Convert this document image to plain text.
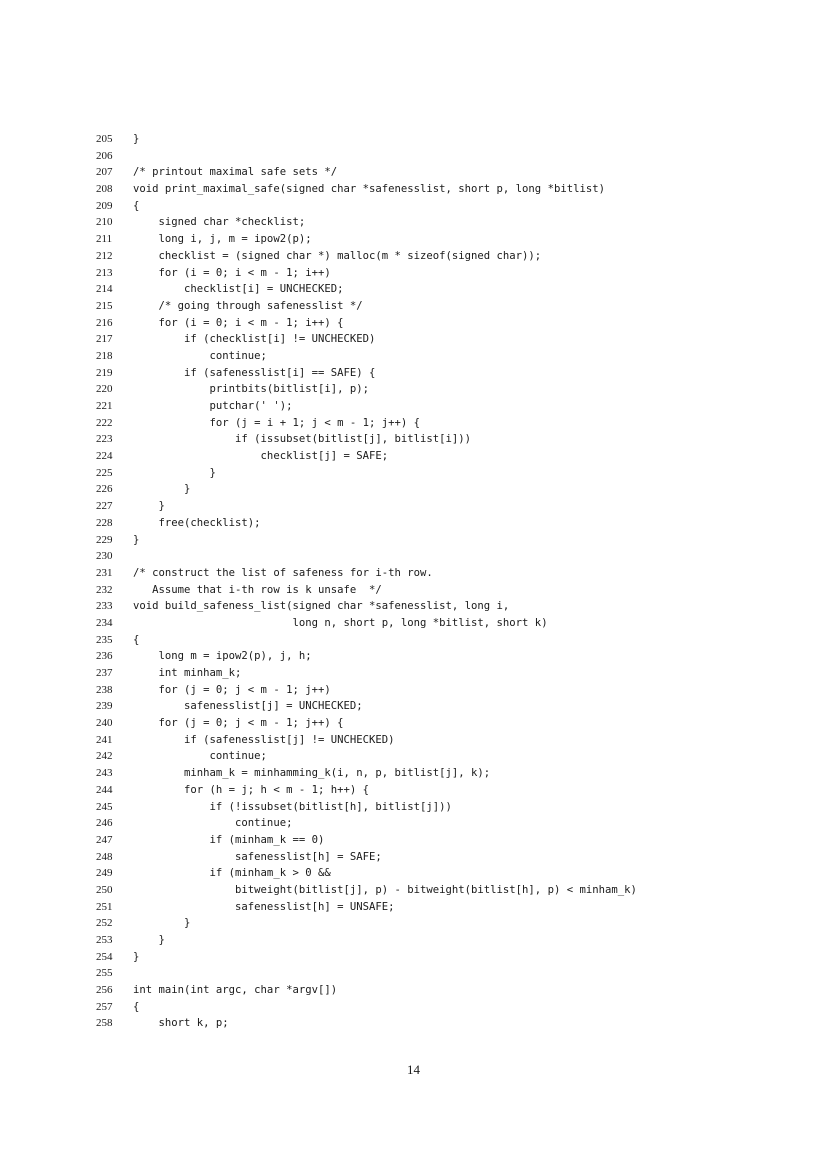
205	}
206
207	/* printout maximal safe sets */
208	void print_maximal_safe(signed char *safenesslist, short p, long *bitlist)
209	{
210	signed char *checklist;
211	long i, j, m = ipow2(p);
212	checklist = (signed char *) malloc(m * sizeof(signed char));
213	for (i = 0; i < m - 1; i++)
214	checklist[i] = UNCHECKED;
215	/* going through safenesslist */
216	for (i = 0; i < m - 1; i++) {
217	if (checklist[i] != UNCHECKED)
218	continue;
219	if (safenesslist[i] == SAFE) {
220	printbits(bitlist[i], p);
221	putchar(' ');
222	for (j = i + 1; j < m - 1; j++) {
223	if (issubset(bitlist[j], bitlist[i]))
224	checklist[j] = SAFE;
225	}
226	}
227	}
228	free(checklist);
229	}
230
231	/* construct the list of safeness for i-th row.
232	Assume that i-th row is k unsafe  */
233	void build_safeness_list(signed char *safenesslist, long i,
234	long n, short p, long *bitlist, short k)
235	{
236	long m = ipow2(p), j, h;
237	int minham_k;
238	for (j = 0; j < m - 1; j++)
239	safenesslist[j] = UNCHECKED;
240	for (j = 0; j < m - 1; j++) {
241	if (safenesslist[j] != UNCHECKED)
242	continue;
243	minham_k = minhamming_k(i, n, p, bitlist[j], k);
244	for (h = j; h < m - 1; h++) {
245	if (!issubset(bitlist[h], bitlist[j]))
246	continue;
247	if (minham_k == 0)
248	safenesslist[h] = SAFE;
249	if (minham_k > 0 &&
250	bitweight(bitlist[j], p) - bitweight(bitlist[h], p) < minham_k)
251	safenesslist[h] = UNSAFE;
252	}
253	}
254	}
255
256	int main(int argc, char *argv[])
257	{
258	short k, p;
14
